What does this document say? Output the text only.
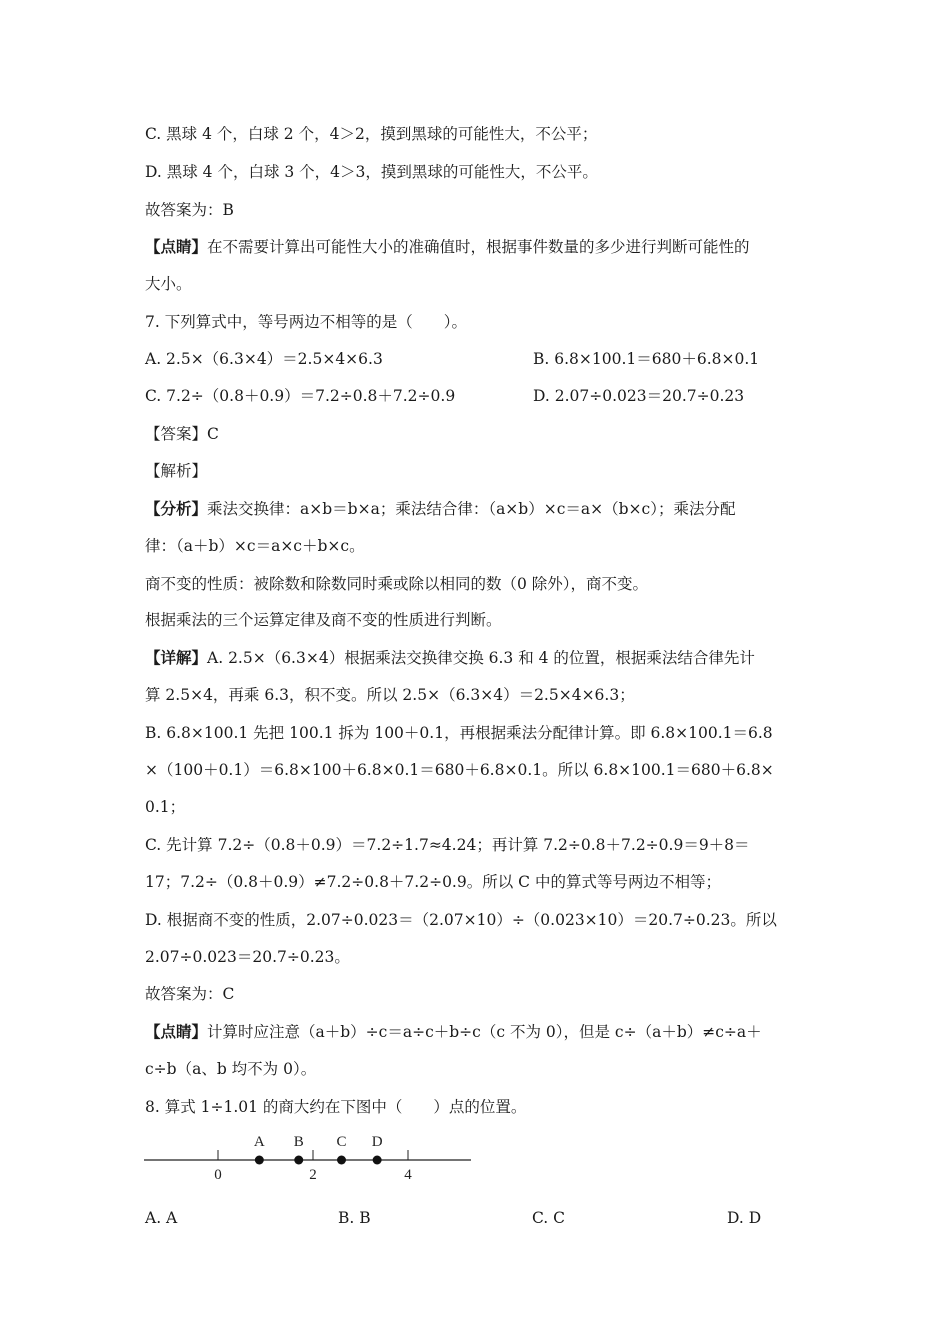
C. 黑球 4 个，白球 2 个，4＞2，摸到黑球的可能性大，不公平；
D. 黑球 4 个，白球 3 个，4＞3，摸到黑球的可能性大，不公平。
故答案为：B
【点睛】在不需要计算出可能性大小的准确值时，根据事件数量的多少进行判断可能性的
大小。
7. 下列算式中，等号两边不相等的是（　　）。
A. 2.5×（6.3×4）＝2.5×4×6.3	B. 6.8×100.1＝680＋6.8×0.1
C. 7.2÷（0.8＋0.9）＝7.2÷0.8＋7.2÷0.9	D. 2.07÷0.023＝20.7÷0.23
【答案】C
【解析】
【分析】乘法交换律：a×b＝b×a；乘法结合律：（a×b）×c＝a×（b×c）；乘法分配
律：（a＋b）×c＝a×c＋b×c。
商不变的性质：被除数和除数同时乘或除以相同的数（0 除外），商不变。
根据乘法的三个运算定律及商不变的性质进行判断。
【详解】A. 2.5×（6.3×4）根据乘法交换律交换 6.3 和 4 的位置，根据乘法结合律先计
算 2.5×4，再乘 6.3，积不变。所以 2.5×（6.3×4）＝2.5×4×6.3；
B. 6.8×100.1 先把 100.1 拆为 100＋0.1，再根据乘法分配律计算。即 6.8×100.1＝6.8
×（100＋0.1）＝6.8×100＋6.8×0.1＝680＋6.8×0.1。所以 6.8×100.1＝680＋6.8×
0.1；
C. 先计算 7.2÷（0.8＋0.9）＝7.2÷1.7≈4.24；再计算 7.2÷0.8＋7.2÷0.9＝9＋8＝
17；7.2÷（0.8＋0.9）≠7.2÷0.8＋7.2÷0.9。所以 C 中的算式等号两边不相等；
D. 根据商不变的性质，2.07÷0.023＝（2.07×10）÷（0.023×10）＝20.7÷0.23。所以
2.07÷0.023＝20.7÷0.23。
故答案为：C
【点睛】计算时应注意（a＋b）÷c＝a÷c＋b÷c（c 不为 0），但是 c÷（a＋b）≠c÷a＋
c÷b（a、b 均不为 0）。
8. 算式 1÷1.01 的商大约在下图中（　　）点的位置。
0	2	4
A B C D
A. A	B. B	C. C	D. D
